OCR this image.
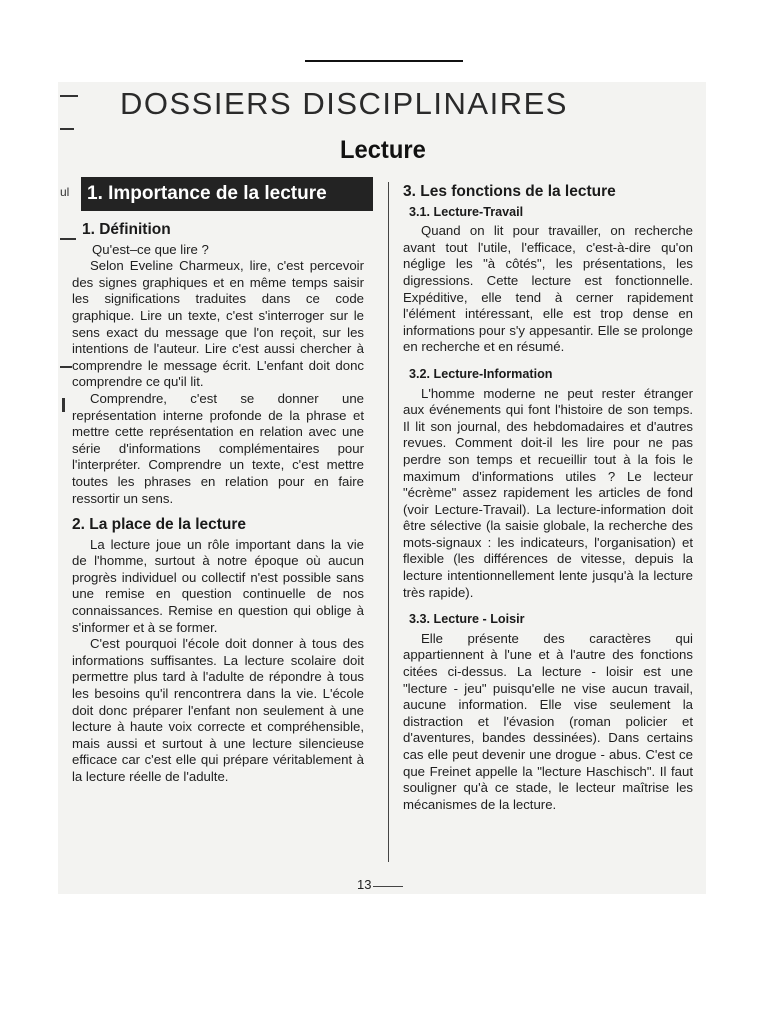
ul
DOSSIERS DISCIPLINAIRES
Lecture
1. Importance de la lecture
1. Définition

Qu'est–ce que lire ?

Selon Eveline Charmeux, lire, c'est percevoir des signes graphiques et en même temps saisir les significations traduites dans ce code graphique. Lire un texte, c'est s'interroger sur le sens exact du message que l'on reçoit, sur les intentions de l'auteur. Lire c'est aussi chercher à comprendre le message écrit. L'enfant doit donc comprendre ce qu'il lit.

Comprendre, c'est se donner une représentation interne profonde de la phrase et mettre cette représentation en relation avec une série d'informations complémentaires pour l'interpréter. Comprendre un texte, c'est mettre toutes les phrases en relation pour en faire ressortir un sens.

2. La place de la lecture

La lecture joue un rôle important dans la vie de l'homme, surtout à notre époque où aucun progrès individuel ou collectif n'est possible sans une remise en question continuelle de nos connaissances. Remise en question qui oblige à s'informer et à se former.

C'est pourquoi l'école doit donner à tous des informations suffisantes. La lecture scolaire doit permettre plus tard à l'adulte de répondre à tous les besoins qu'il rencontrera dans la vie. L'école doit donc préparer l'enfant non seulement à une lecture à haute voix correcte et compréhensible, mais aussi et surtout à une lecture silencieuse efficace car c'est elle qui prépare véritablement à la lecture réelle de l'adulte.

3. Les fonctions de la lecture
3.1. Lecture-Travail

Quand on lit pour travailler, on recherche avant tout l'utile, l'efficace, c'est-à-dire qu'on néglige les "à côtés", les présentations, les digressions. Cette lecture est fonctionnelle. Expéditive, elle tend à cerner rapidement l'élément intéressant, elle est trop dense en informations pour s'y appesantir. Elle se prolonge en recherche et en résumé.

3.2. Lecture-Information

L'homme moderne ne peut rester étranger aux événements qui font l'histoire de son temps. Il lit son journal, des hebdomadaires et d'autres revues. Comment doit-il les lire pour ne pas perdre son temps et recueillir tout à la fois le maximum d'informations utiles ? Le lecteur "écrème" assez rapidement les articles de fond (voir Lecture-Travail). La lecture-information doit être sélective (la saisie globale, la recherche des mots-signaux : les indicateurs, l'organisation) et flexible (les différences de vitesse, depuis la lecture intentionnellement lente jusqu'à la lecture très rapide).

3.3. Lecture - Loisir

Elle présente des caractères qui appartiennent à l'une et à l'autre des fonctions citées ci-dessus. La lecture - loisir est une "lecture - jeu" puisqu'elle ne vise aucun travail, aucune information. Elle vise seulement la distraction et l'évasion (roman policier et d'aventures, bandes dessinées). Dans certains cas elle peut devenir une drogue - abus. C'est ce que Freinet appelle la "lecture Haschisch". Il faut souligner qu'à ce stade, le lecteur maîtrise les mécanismes de la lecture.

13
